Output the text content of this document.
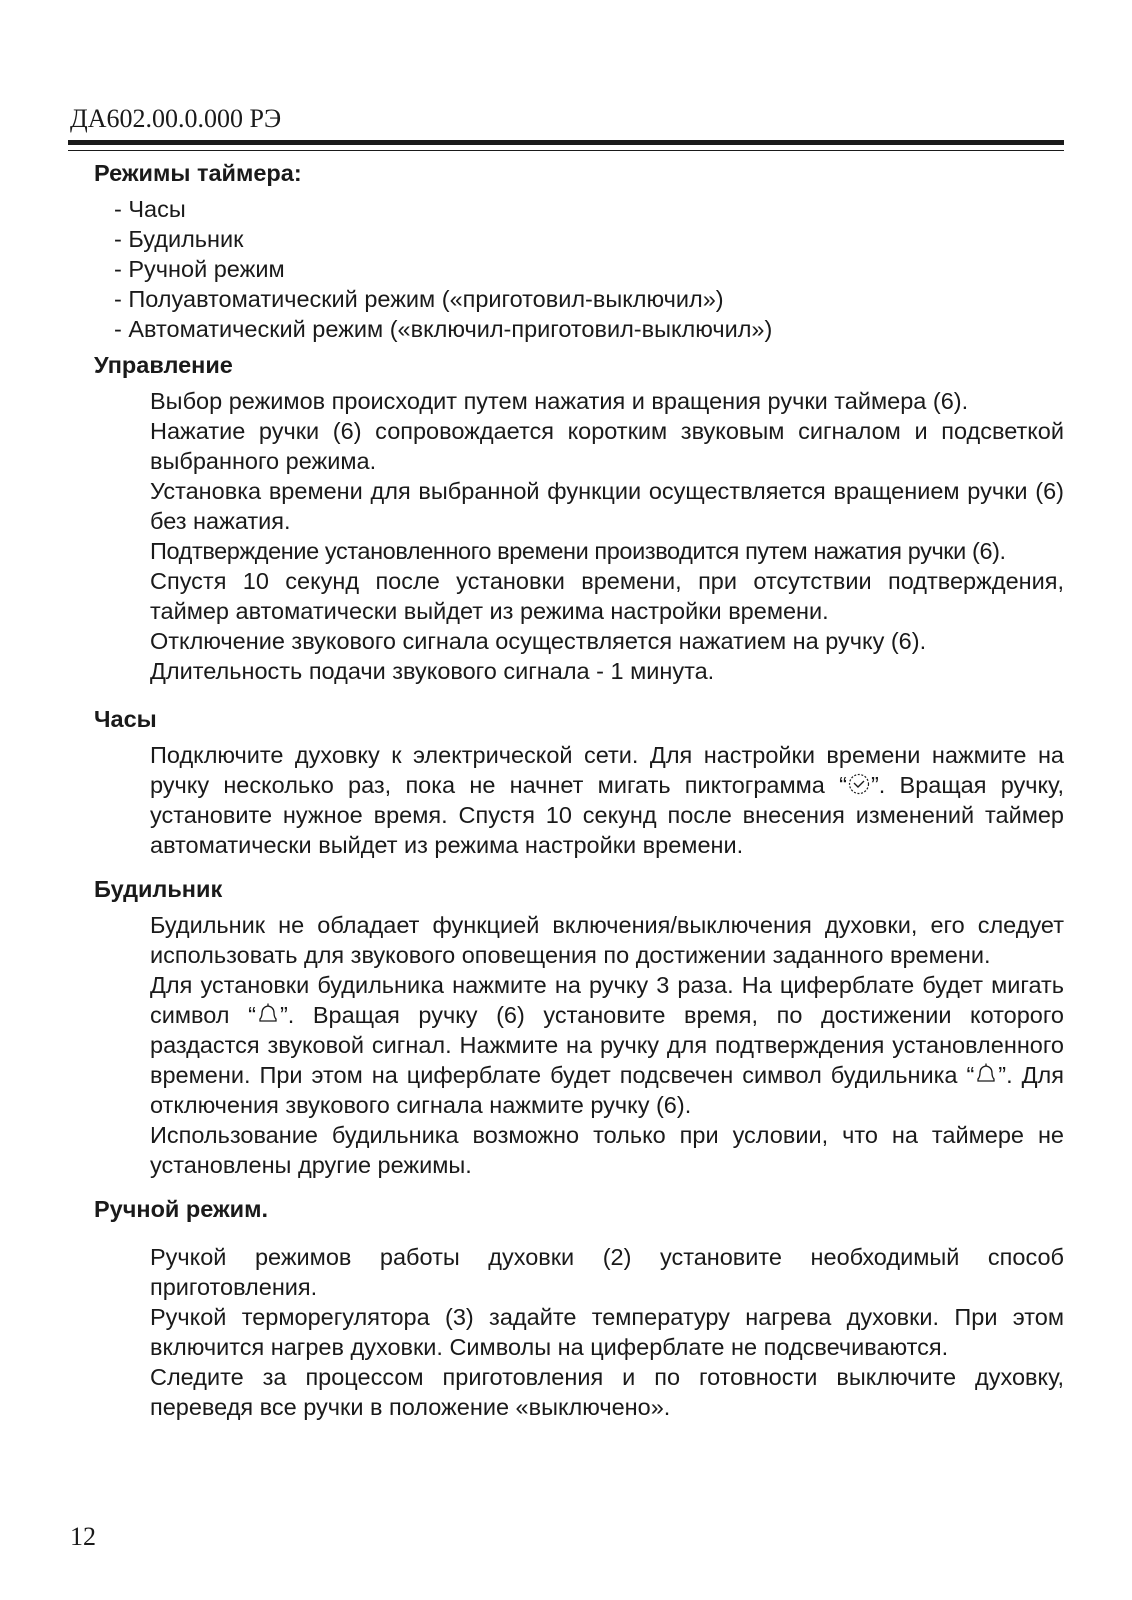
ДА602.00.0.000 РЭ
Режимы таймера:
- Часы
- Будильник
- Ручной режим
- Полуавтоматический режим («приготовил-выключил»)
- Автоматический режим («включил-приготовил-выключил»)
Управление

Выбор режимов происходит путем нажатия и вращения ручки таймера (6).

Нажатие ручки (6) сопровождается коротким звуковым сигналом и подсветкой выбранного режима.

Установка времени для выбранной функции осуществляется вращением ручки (6) без нажатия.

Подтверждение установленного времени производится путем нажатия ручки (6).

Спустя 10 секунд после установки времени, при отсутствии подтверждения, таймер автоматически выйдет из режима настройки времени.

Отключение звукового сигнала осуществляется нажатием на ручку (6).

Длительность подачи звукового сигнала - 1 минута.

Часы

Подключите духовку к электрической сети. Для настройки времени нажмите на ручку несколько раз, пока не начнет мигать пиктограмма “ ”. Вращая ручку, установите нужное время. Спустя 10 секунд после внесения изменений таймер автоматически выйдет из режима настройки времени.

Будильник

Будильник не обладает функцией включения/выключения духовки, его следует использовать для звукового оповещения по достижении заданного времени.

Для установки будильника нажмите на ручку 3 раза. На циферблате будет мигать символ “ ”. Вращая ручку (6) установите время, по достижении которого раздастся звуковой сигнал. Нажмите на ручку для подтверждения установленного времени. При этом на циферблате будет подсвечен символ будильника “ ”. Для отключения звукового сигнала нажмите ручку (6).

Использование будильника возможно только при условии, что на таймере не установлены другие режимы.

Ручной режим.

Ручкой режимов работы духовки (2) установите необходимый способ приготовления.

Ручкой терморегулятора (3) задайте температуру нагрева духовки. При этом включится нагрев духовки. Символы на циферблате не подсвечиваются.

Следите за процессом приготовления и по готовности выключите духовку, переведя все ручки в положение «выключено».

12
